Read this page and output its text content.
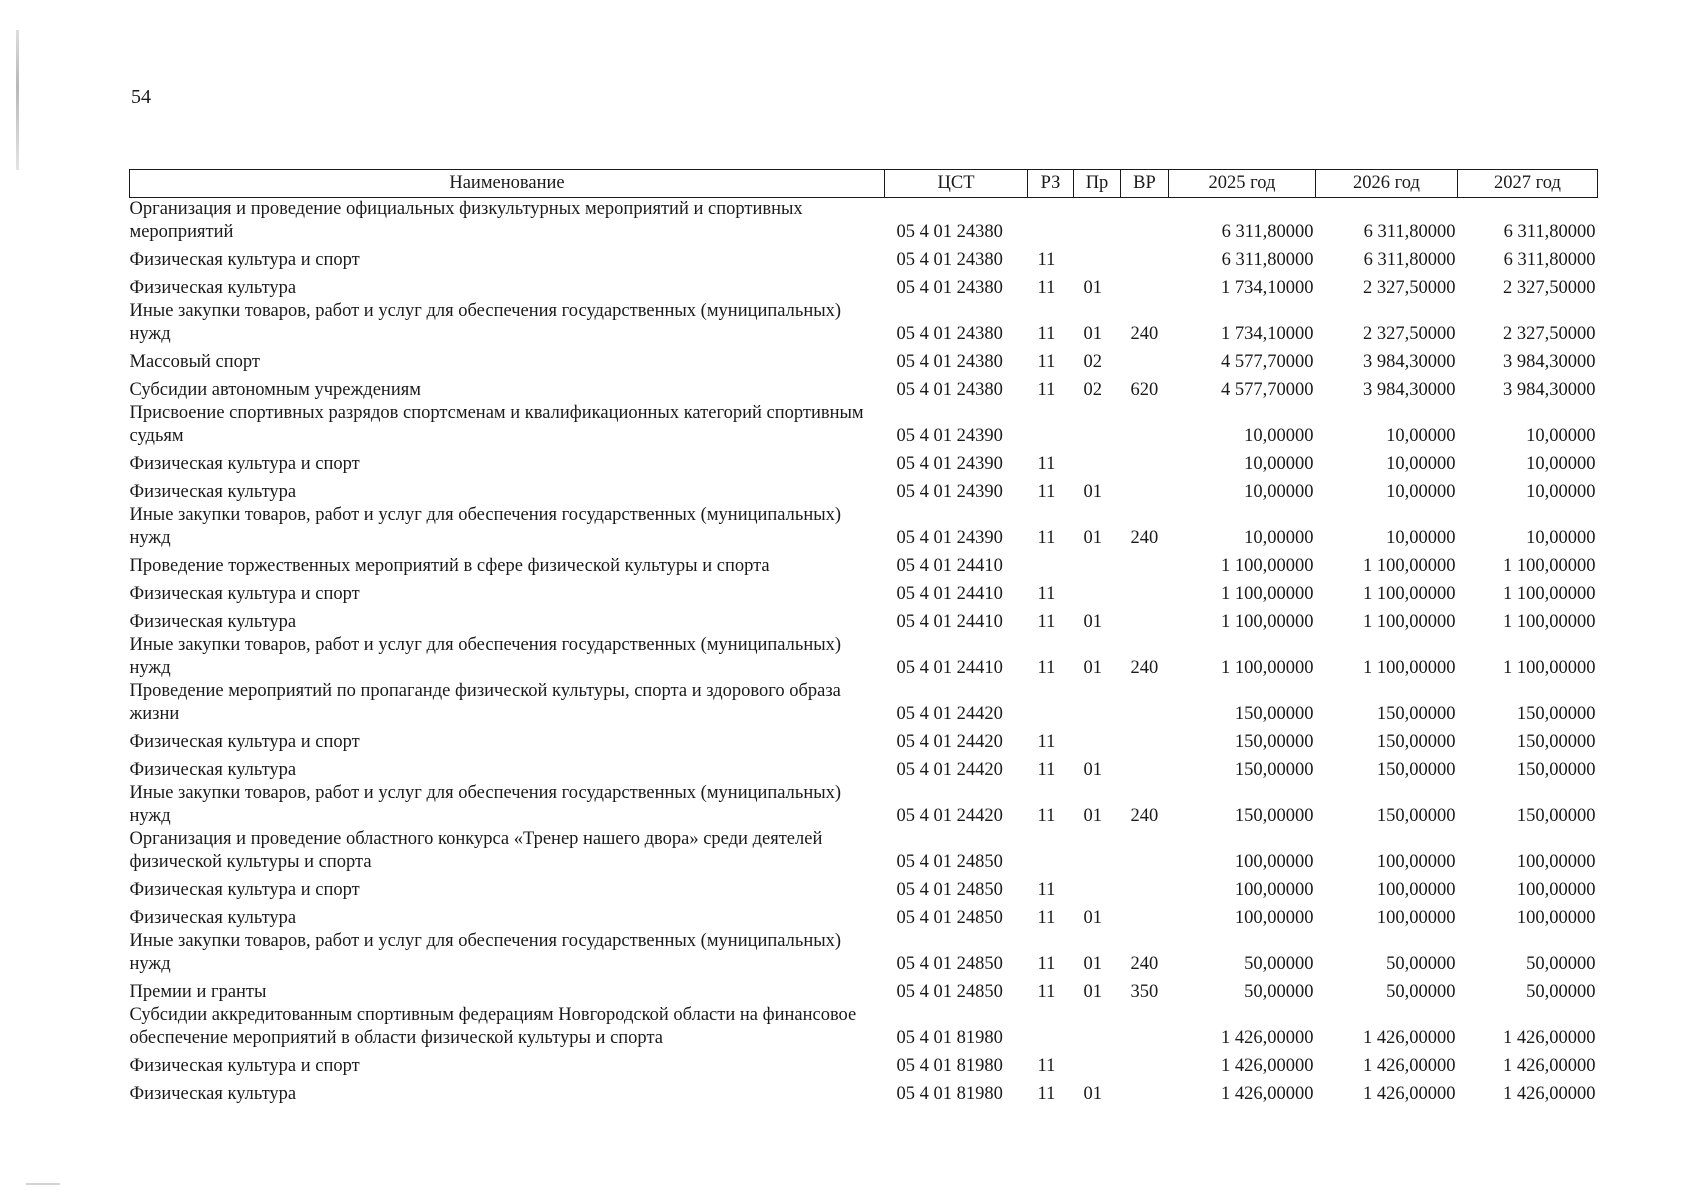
54
Наименование	ЦСТ	РЗ	Пр	ВР	2025 год	2026 год	2027 год
Организация и проведение официальных физкультурных мероприятий и спортивных мероприятий	05 4 01 24380				6 311,80000	6 311,80000	6 311,80000
Физическая культура и спорт	05 4 01 24380	11			6 311,80000	6 311,80000	6 311,80000
Физическая культура	05 4 01 24380	11	01		1 734,10000	2 327,50000	2 327,50000
Иные закупки товаров, работ и услуг для обеспечения государственных (муниципальных) нужд	05 4 01 24380	11	01	240	1 734,10000	2 327,50000	2 327,50000
Массовый спорт	05 4 01 24380	11	02		4 577,70000	3 984,30000	3 984,30000
Субсидии автономным учреждениям	05 4 01 24380	11	02	620	4 577,70000	3 984,30000	3 984,30000
Присвоение спортивных разрядов спортсменам и квалификационных категорий спортивным судьям	05 4 01 24390				10,00000	10,00000	10,00000
Физическая культура и спорт	05 4 01 24390	11			10,00000	10,00000	10,00000
Физическая культура	05 4 01 24390	11	01		10,00000	10,00000	10,00000
Иные закупки товаров, работ и услуг для обеспечения государственных (муниципальных) нужд	05 4 01 24390	11	01	240	10,00000	10,00000	10,00000
Проведение торжественных мероприятий в сфере физической культуры и спорта	05 4 01 24410				1 100,00000	1 100,00000	1 100,00000
Физическая культура и спорт	05 4 01 24410	11			1 100,00000	1 100,00000	1 100,00000
Физическая культура	05 4 01 24410	11	01		1 100,00000	1 100,00000	1 100,00000
Иные закупки товаров, работ и услуг для обеспечения государственных (муниципальных) нужд	05 4 01 24410	11	01	240	1 100,00000	1 100,00000	1 100,00000
Проведение мероприятий по пропаганде физической культуры, спорта и здорового образа жизни	05 4 01 24420				150,00000	150,00000	150,00000
Физическая культура и спорт	05 4 01 24420	11			150,00000	150,00000	150,00000
Физическая культура	05 4 01 24420	11	01		150,00000	150,00000	150,00000
Иные закупки товаров, работ и услуг для обеспечения государственных (муниципальных) нужд	05 4 01 24420	11	01	240	150,00000	150,00000	150,00000
Организация и проведение областного конкурса «Тренер нашего двора» среди деятелей физической культуры и спорта	05 4 01 24850				100,00000	100,00000	100,00000
Физическая культура и спорт	05 4 01 24850	11			100,00000	100,00000	100,00000
Физическая культура	05 4 01 24850	11	01		100,00000	100,00000	100,00000
Иные закупки товаров, работ и услуг для обеспечения государственных (муниципальных) нужд	05 4 01 24850	11	01	240	50,00000	50,00000	50,00000
Премии и гранты	05 4 01 24850	11	01	350	50,00000	50,00000	50,00000
Субсидии аккредитованным спортивным федерациям Новгородской области на финансовое обеспечение мероприятий в области физической культуры и спорта	05 4 01 81980				1 426,00000	1 426,00000	1 426,00000
Физическая культура и спорт	05 4 01 81980	11			1 426,00000	1 426,00000	1 426,00000
Физическая культура	05 4 01 81980	11	01		1 426,00000	1 426,00000	1 426,00000
